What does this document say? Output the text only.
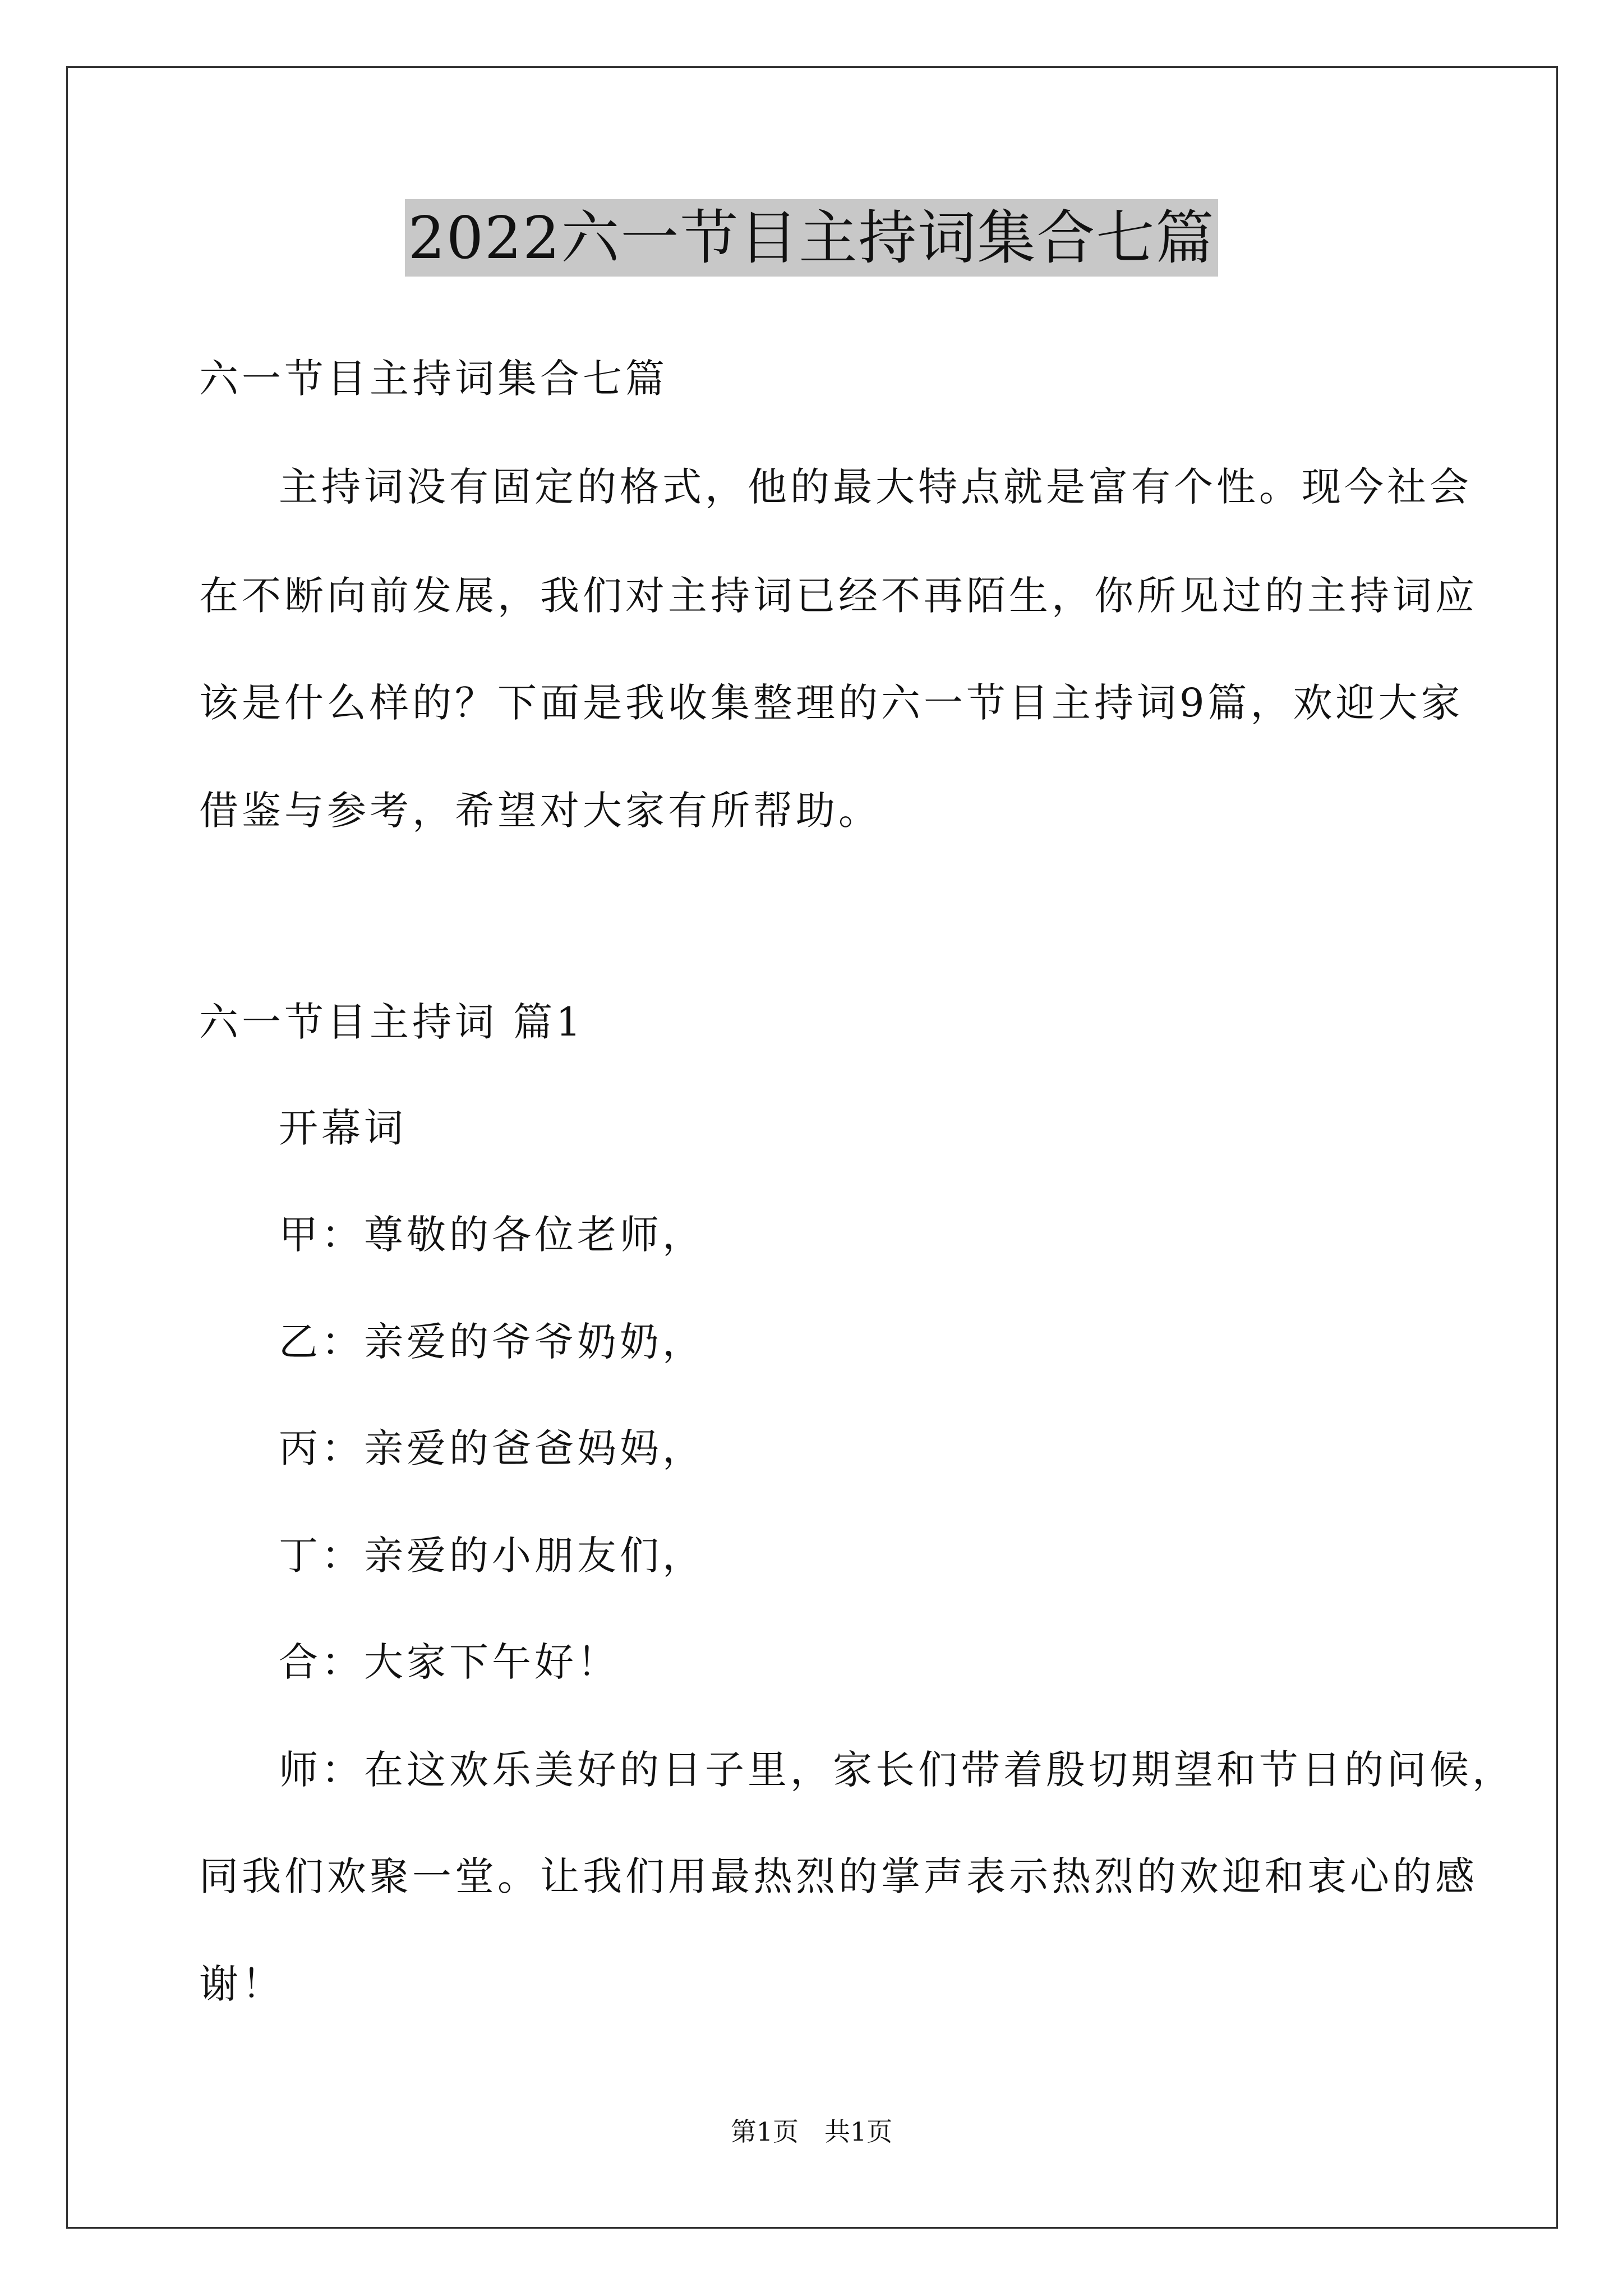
2022六一节目主持词集合七篇
六一节目主持词集合七篇
主持词没有固定的格式，他的最大特点就是富有个性。现今社会
在不断向前发展，我们对主持词已经不再陌生，你所见过的主持词应
该是什么样的？下面是我收集整理的六一节目主持词9篇，欢迎大家
借鉴与参考，希望对大家有所帮助。
六一节目主持词 篇1
开幕词
甲：尊敬的各位老师，
乙：亲爱的爷爷奶奶，
丙：亲爱的爸爸妈妈，
丁：亲爱的小朋友们，
合：大家下午好！
师：在这欢乐美好的日子里，家长们带着殷切期望和节日的问候，
同我们欢聚一堂。让我们用最热烈的掌声表示热烈的欢迎和衷心的感
谢！
第1页　共1页
